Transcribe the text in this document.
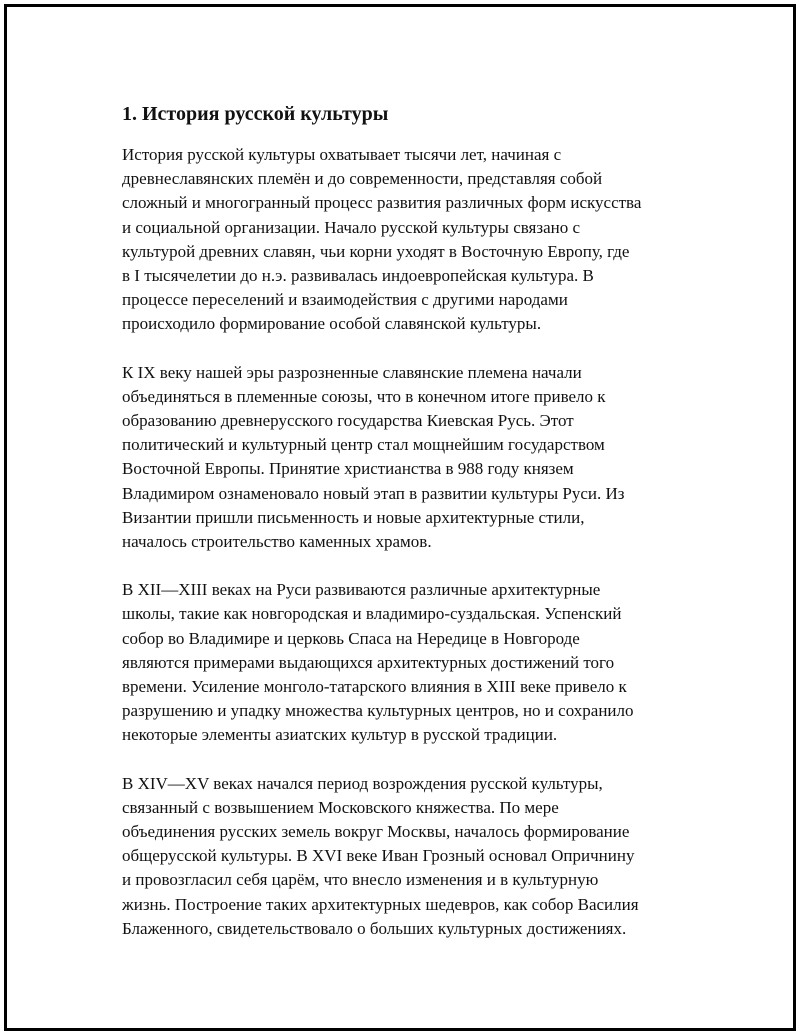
1. История русской культуры

История русской культуры охватывает тысячи лет, начиная с
древнеславянских племён и до современности, представляя собой
сложный и многогранный процесс развития различных форм искусства
и социальной организации. Начало русской культуры связано с
культурой древних славян, чьи корни уходят в Восточную Европу, где
в I тысячелетии до н.э. развивалась индоевропейская культура. В
процессе переселений и взаимодействия с другими народами
происходило формирование особой славянской культуры.

К IX веку нашей эры разрозненные славянские племена начали
объединяться в племенные союзы, что в конечном итоге привело к
образованию древнерусского государства Киевская Русь. Этот
политический и культурный центр стал мощнейшим государством
Восточной Европы. Принятие христианства в 988 году князем
Владимиром ознаменовало новый этап в развитии культуры Руси. Из
Византии пришли письменность и новые архитектурные стили,
началось строительство каменных храмов.

В XII—XIII веках на Руси развиваются различные архитектурные
школы, такие как новгородская и владимиро-суздальская. Успенский
собор во Владимире и церковь Спаса на Нередице в Новгороде
являются примерами выдающихся архитектурных достижений того
времени. Усиление монголо-татарского влияния в XIII веке привело к
разрушению и упадку множества культурных центров, но и сохранило
некоторые элементы азиатских культур в русской традиции.

В XIV—XV веках начался период возрождения русской культуры,
связанный с возвышением Московского княжества. По мере
объединения русских земель вокруг Москвы, началось формирование
общерусской культуры. В XVI веке Иван Грозный основал Опричнину
и провозгласил себя царём, что внесло изменения и в культурную
жизнь. Построение таких архитектурных шедевров, как собор Василия
Блаженного, свидетельствовало о больших культурных достижениях.
